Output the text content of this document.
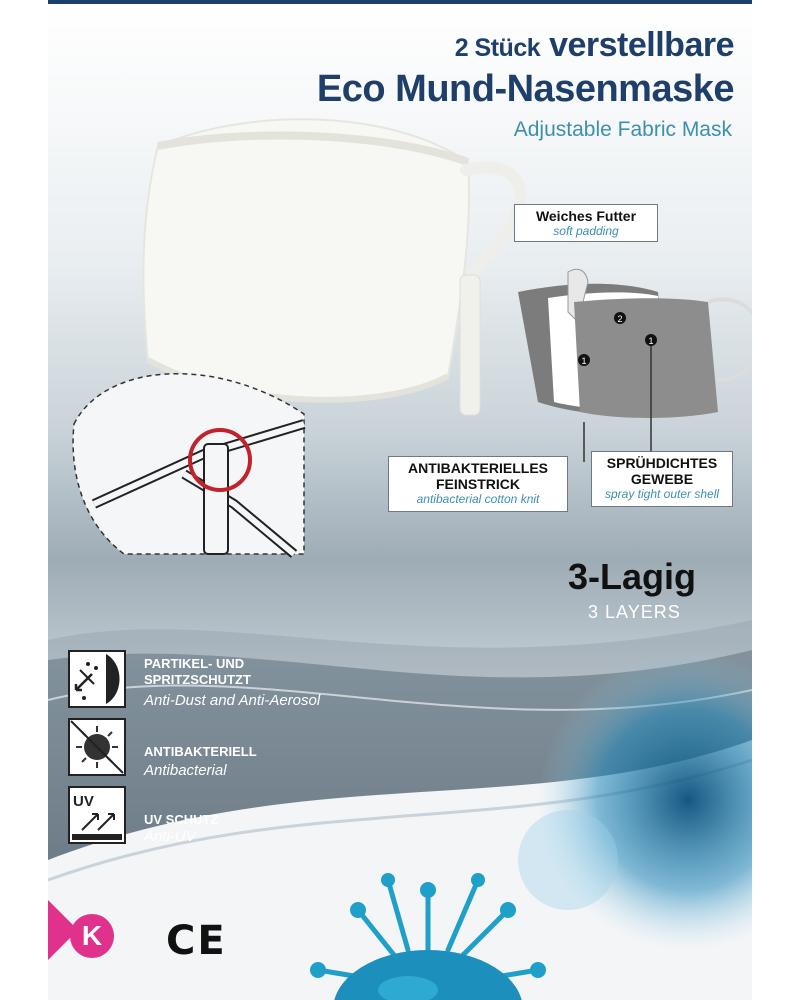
2 Stück verstellbare
Eco Mund-Nasenmaske
Adjustable Fabric Mask
1
2
1
Weiches Futter
soft padding
ANTIBAKTERIELLES
FEINSTRICK
antibacterial cotton knit
SPRÜHDICHTES
GEWEBE
spray tight outer shell
3-Lagig
3 LAYERS
PARTIKEL- UND
SPRITZSCHUTZT
Anti-Dust and Anti-Aerosol
ANTIBAKTERIELL
Antibacterial
UV
UV SCHUTZ
Anti-UV
K CE
